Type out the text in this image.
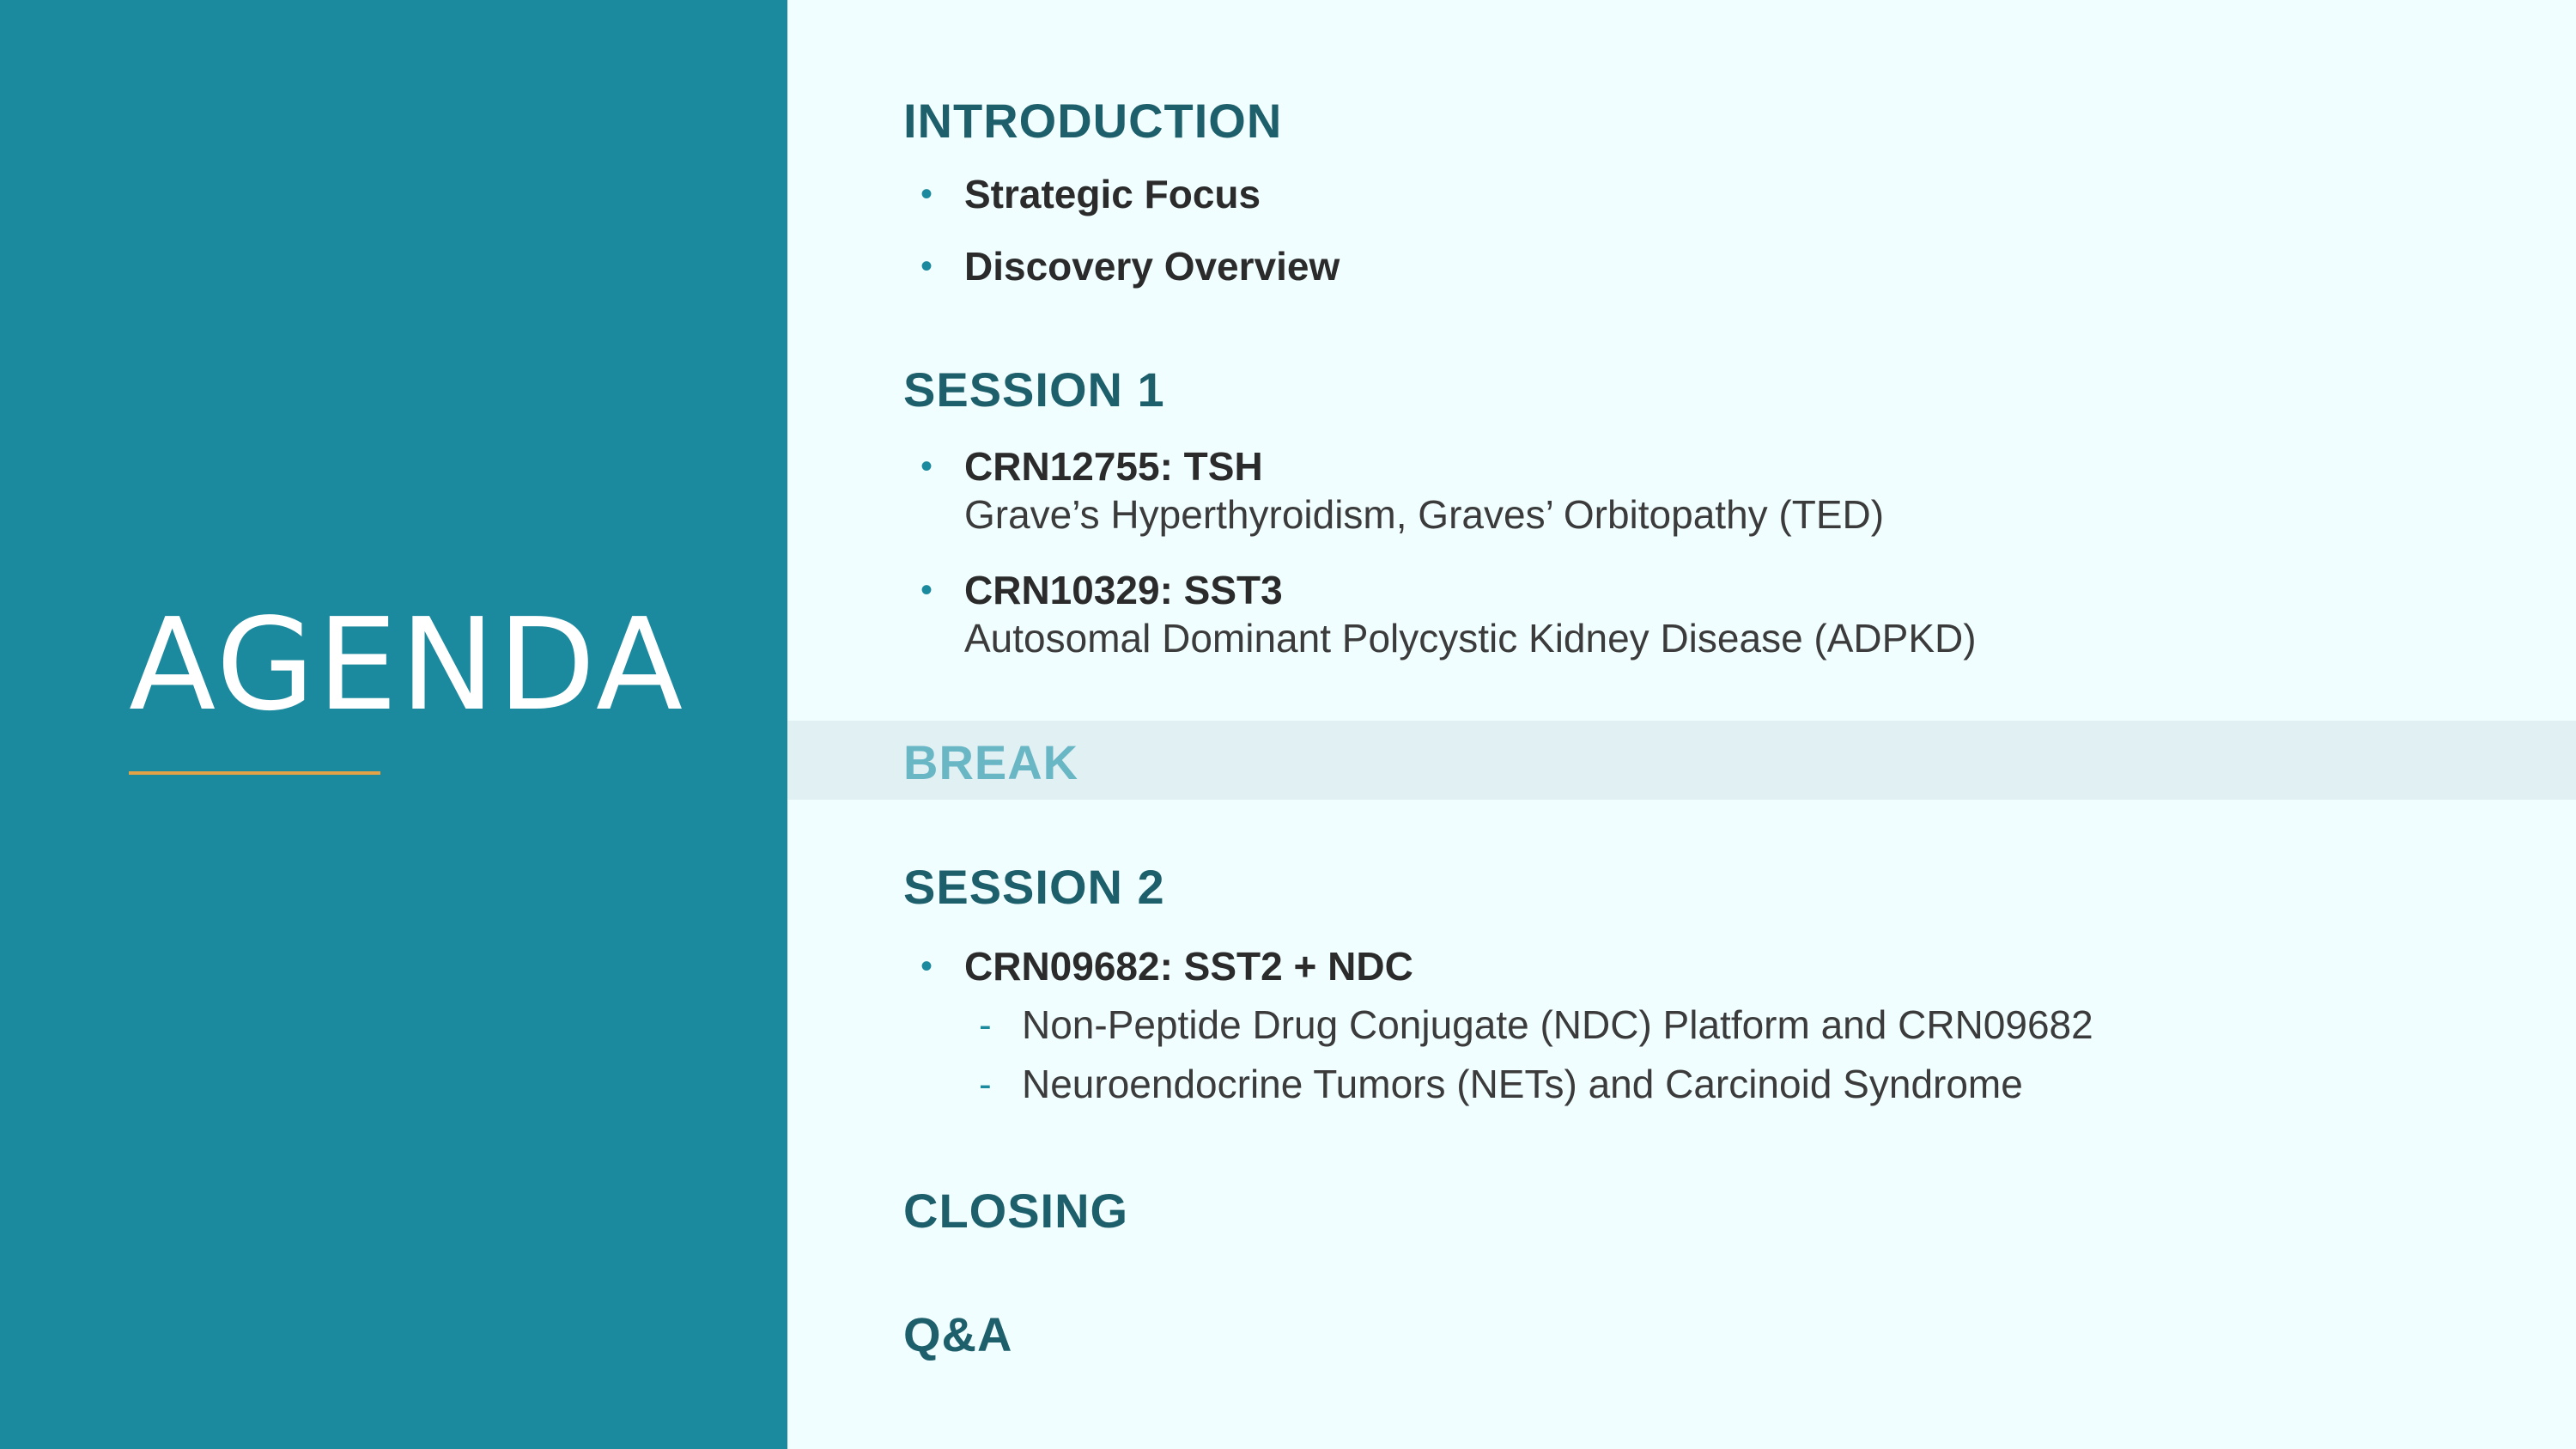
AGENDA
INTRODUCTION
• Strategic Focus

• Discovery Overview

SESSION 1
• CRN12755: TSH

Grave’s Hyperthyroidism, Graves’ Orbitopathy (TED)

• CRN10329: SST3

Autosomal Dominant Polycystic Kidney Disease (ADPKD)

BREAK
SESSION 2
• CRN09682: SST2 + NDC

- Non-Peptide Drug Conjugate (NDC) Platform and CRN09682

- Neuroendocrine Tumors (NETs) and Carcinoid Syndrome

CLOSING
Q&A
